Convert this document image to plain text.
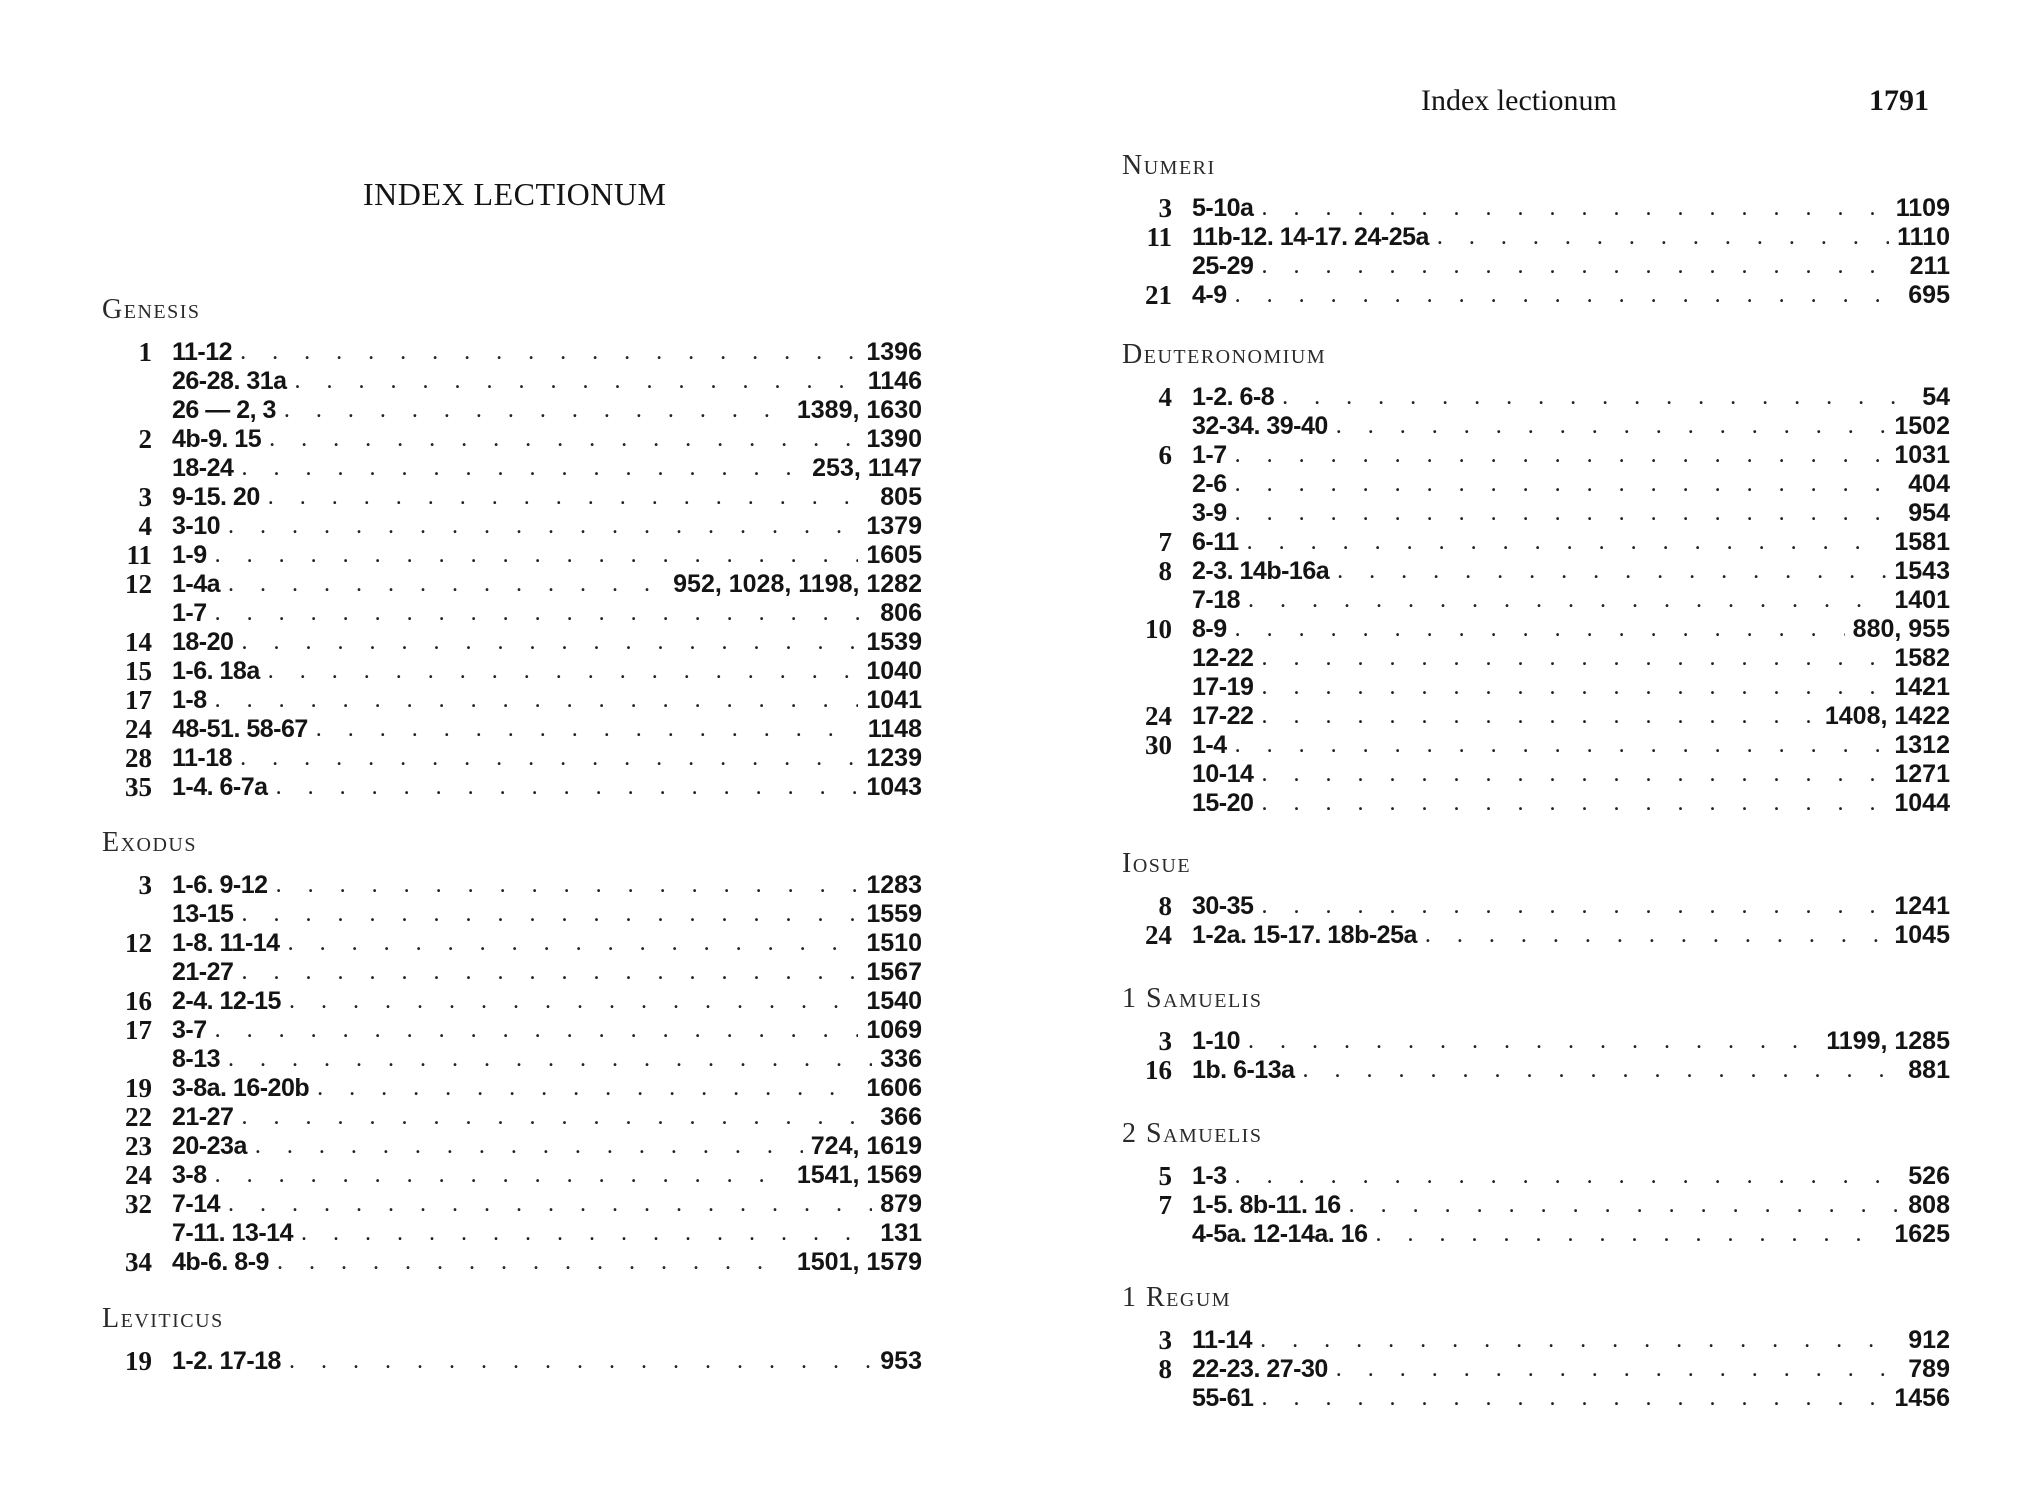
INDEX LECTIONUM
Genesis
1 11-12 . . .	1396
26-28. 31a . . .	1146
26 — 2, 3 . . .	1389, 1630
2 4b-9. 15 . . .	1390
18-24 . . .	253, 1147
3 9-15. 20 . . .	805
4 3-10 . . .	1379
11 1-9 . . .	1605
12 1-4a . . .	952, 1028, 1198, 1282
1-7 . . .	806
14 18-20 . . .	1539
15 1-6. 18a . . .	1040
17 1-8 . . .	1041
24 48-51. 58-67 . . .	1148
28 11-18 . . .	1239
35 1-4. 6-7a . . .	1043
Exodus
3 1-6. 9-12 . . .	1283
13-15 . . .	1559
12 1-8. 11-14 . . .	1510
21-27 . . .	1567
16 2-4. 12-15 . . .	1540
17 3-7 . . .	1069
8-13 . . .	336
19 3-8a. 16-20b . . .	1606
22 21-27 . . .	366
23 20-23a . . .	724, 1619
24 3-8 . . .	1541, 1569
32 7-14 . . .	879
7-11. 13-14 . . .	131
34 4b-6. 8-9 . . .	1501, 1579
Leviticus
19 1-2. 17-18 . . .	953
Index lectionum	1791
Numeri
3 5-10a . . .	1109
11 11b-12. 14-17. 24-25a . . .	1110
25-29 . . .	211
21 4-9 . . .	695
Deuteronomium
4 1-2. 6-8 . . .	54
32-34. 39-40 . . .	1502
6 1-7 . . .	1031
2-6 . . .	404
3-9 . . .	954
7 6-11 . . .	1581
8 2-3. 14b-16a . . .	1543
7-18 . . .	1401
10 8-9 . . .	880, 955
12-22 . . .	1582
17-19 . . .	1421
24 17-22 . . .	1408, 1422
30 1-4 . . .	1312
10-14 . . .	1271
15-20 . . .	1044
Iosue
8 30-35 . . .	1241
24 1-2a. 15-17. 18b-25a . . .	1045
1 Samuelis
3 1-10 . . .	1199, 1285
16 1b. 6-13a . . .	881
2 Samuelis
5 1-3 . . .	526
7 1-5. 8b-11. 16 . . .	808
4-5a. 12-14a. 16 . . .	1625
1 Regum
3 11-14 . . .	912
8 22-23. 27-30 . . .	789
55-61 . . .	1456
